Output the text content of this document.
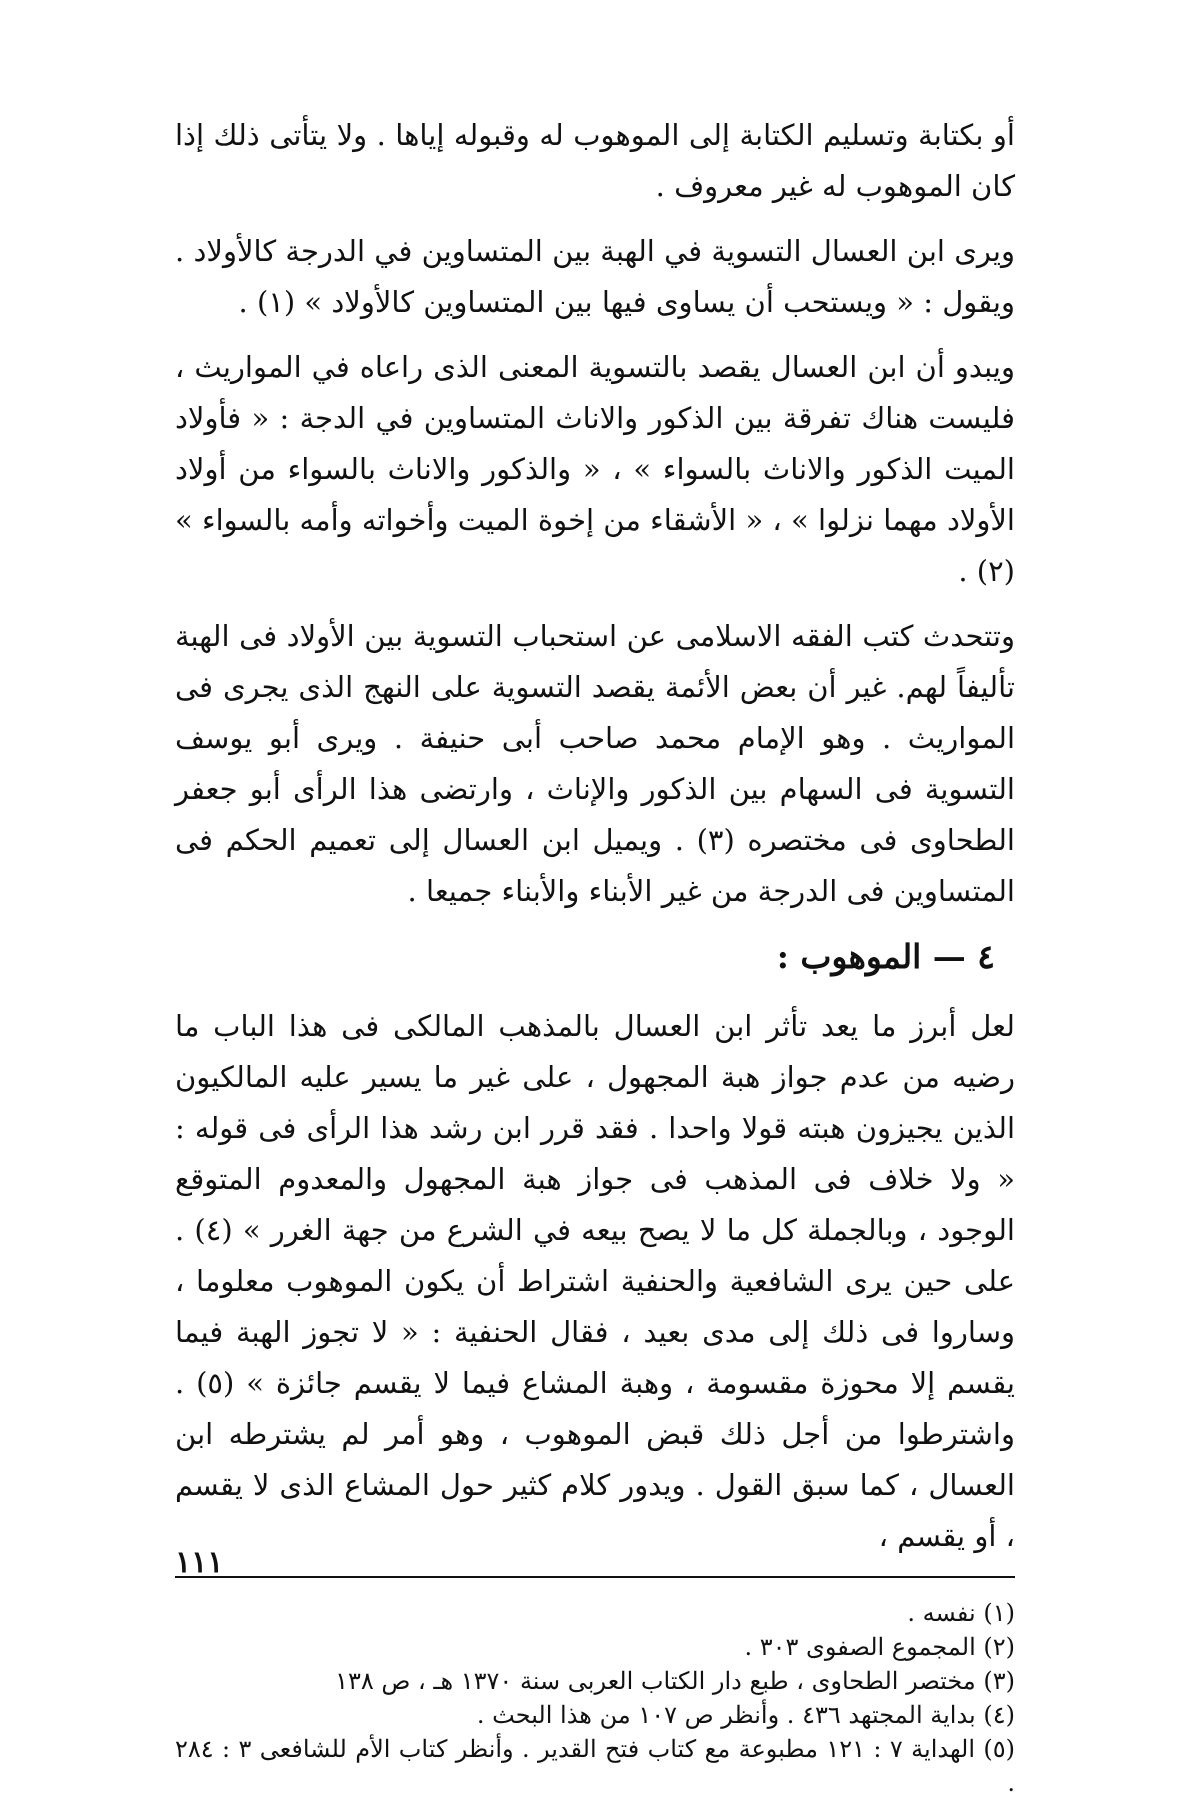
أو بكتابة وتسليم الكتابة إلى الموهوب له وقبوله إياها . ولا يتأتى ذلك إذا كان الموهوب له غير معروف .

ويرى ابن العسال التسوية في الهبة بين المتساوين في الدرجة كالأولاد . ويقول : « ويستحب أن يساوى فيها بين المتساوين كالأولاد » (١) .

ويبدو أن ابن العسال يقصد بالتسوية المعنى الذى راعاه في المواريث ، فليست هناك تفرقة بين الذكور والاناث المتساوين في الدجة : « فأولاد الميت الذكور والاناث بالسواء » ، « والذكور والاناث بالسواء من أولاد الأولاد مهما نزلوا » ، « الأشقاء من إخوة الميت وأخواته وأمه بالسواء » (٢) .

وتتحدث كتب الفقه الاسلامى عن استحباب التسوية بين الأولاد فى الهبة تأليفاً لهم. غير أن بعض الأئمة يقصد التسوية على النهج الذى يجرى فى المواريث . وهو الإمام محمد صاحب أبى حنيفة . ويرى أبو يوسف التسوية فى السهام بين الذكور والإناث ، وارتضى هذا الرأى أبو جعفر الطحاوى فى مختصره (٣) . ويميل ابن العسال إلى تعميم الحكم فى المتساوين فى الدرجة من غير الأبناء والأبناء جميعا .

٤ — الموهوب :

لعل أبرز ما يعد تأثر ابن العسال بالمذهب المالكى فى هذا الباب ما رضيه من عدم جواز هبة المجهول ، على غير ما يسير عليه المالكيون الذين يجيزون هبته قولا واحدا . فقد قرر ابن رشد هذا الرأى فى قوله : « ولا خلاف فى المذهب فى جواز هبة المجهول والمعدوم المتوقع الوجود ، وبالجملة كل ما لا يصح بيعه في الشرع من جهة الغرر » (٤) . على حين يرى الشافعية والحنفية اشتراط أن يكون الموهوب معلوما ، وساروا فى ذلك إلى مدى بعيد ، فقال الحنفية : « لا تجوز الهبة فيما يقسم إلا محوزة مقسومة ، وهبة المشاع فيما لا يقسم جائزة » (٥) . واشترطوا من أجل ذلك قبض الموهوب ، وهو أمر لم يشترطه ابن العسال ، كما سبق القول . ويدور كلام كثير حول المشاع الذى لا يقسم ، أو يقسم ،

(١) نفسه .

(٢) المجموع الصفوى ٣٠٣ .

(٣) مختصر الطحاوى ، طبع دار الكتاب العربى سنة ١٣٧٠ هـ ، ص ١٣٨

(٤) بداية المجتهد ٤٣٦ . وأنظر ص ١٠٧ من هذا البحث .

(٥) الهداية ٧ : ١٢١ مطبوعة مع كتاب فتح القدير . وأنظر كتاب الأم للشافعى ٣ : ٢٨٤ .

١١١
